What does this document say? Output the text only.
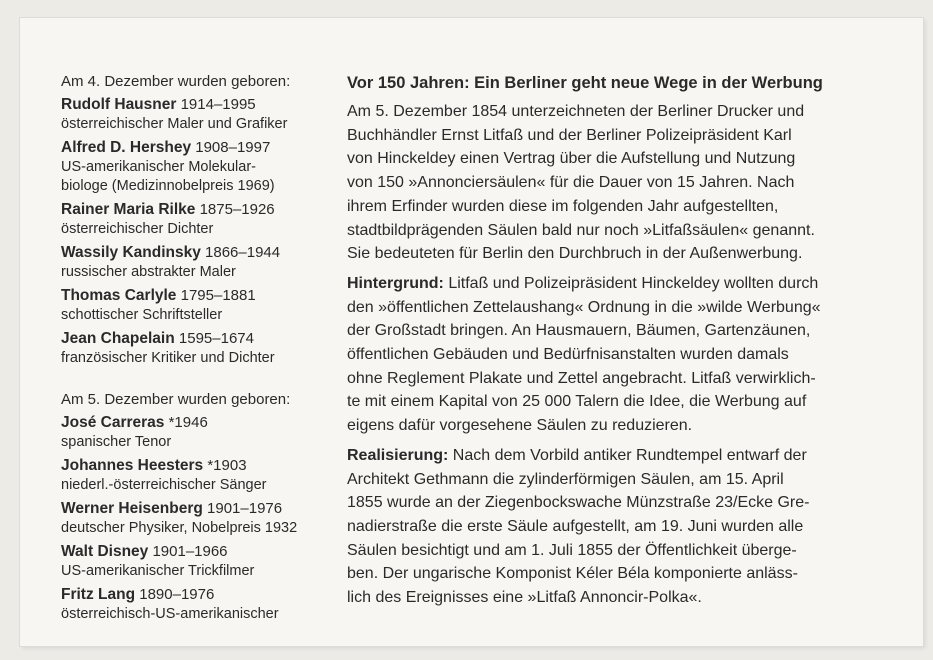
Am 4. Dezember wurden geboren:
Rudolf Hausner 1914–1995
österreichischer Maler und Grafiker
Alfred D. Hershey 1908–1997
US-amerikanischer Molekular-
biologe (Medizinnobelpreis 1969)
Rainer Maria Rilke 1875–1926
österreichischer Dichter
Wassily Kandinsky 1866–1944
russischer abstrakter Maler
Thomas Carlyle 1795–1881
schottischer Schriftsteller
Jean Chapelain 1595–1674
französischer Kritiker und Dichter
Am 5. Dezember wurden geboren:
José Carreras *1946
spanischer Tenor
Johannes Heesters *1903
niederl.-österreichischer Sänger
Werner Heisenberg 1901–1976
deutscher Physiker, Nobelpreis 1932
Walt Disney 1901–1966
US-amerikanischer Trickfilmer
Fritz Lang 1890–1976
österreichisch-US-amerikanischer
Vor 150 Jahren: Ein Berliner geht neue Wege in der Werbung
Am 5. Dezember 1854 unterzeichneten der Berliner Drucker und
Buchhändler Ernst Litfaß und der Berliner Polizeipräsident Karl
von Hinckeldey einen Vertrag über die Aufstellung und Nutzung
von 150 »Annonciersäulen« für die Dauer von 15 Jahren. Nach
ihrem Erfinder wurden diese im folgenden Jahr aufgestellten,
stadtbildprägenden Säulen bald nur noch »Litfaßsäulen« genannt.
Sie bedeuteten für Berlin den Durchbruch in der Außenwerbung.
Hintergrund: Litfaß und Polizeipräsident Hinckeldey wollten durch
den »öffentlichen Zettelaushang« Ordnung in die »wilde Werbung«
der Großstadt bringen. An Hausmauern, Bäumen, Gartenzäunen,
öffentlichen Gebäuden und Bedürfnisanstalten wurden damals
ohne Reglement Plakate und Zettel angebracht. Litfaß verwirklich-
te mit einem Kapital von 25 000 Talern die Idee, die Werbung auf
eigens dafür vorgesehene Säulen zu reduzieren.
Realisierung: Nach dem Vorbild antiker Rundtempel entwarf der
Architekt Gethmann die zylinderförmigen Säulen, am 15. April
1855 wurde an der Ziegenbockswache Münzstraße 23/Ecke Gre-
nadierstraße die erste Säule aufgestellt, am 19. Juni wurden alle
Säulen besichtigt und am 1. Juli 1855 der Öffentlichkeit überge-
ben. Der ungarische Komponist Kéler Béla komponierte anläss-
lich des Ereignisses eine »Litfaß Annoncir-Polka«.
